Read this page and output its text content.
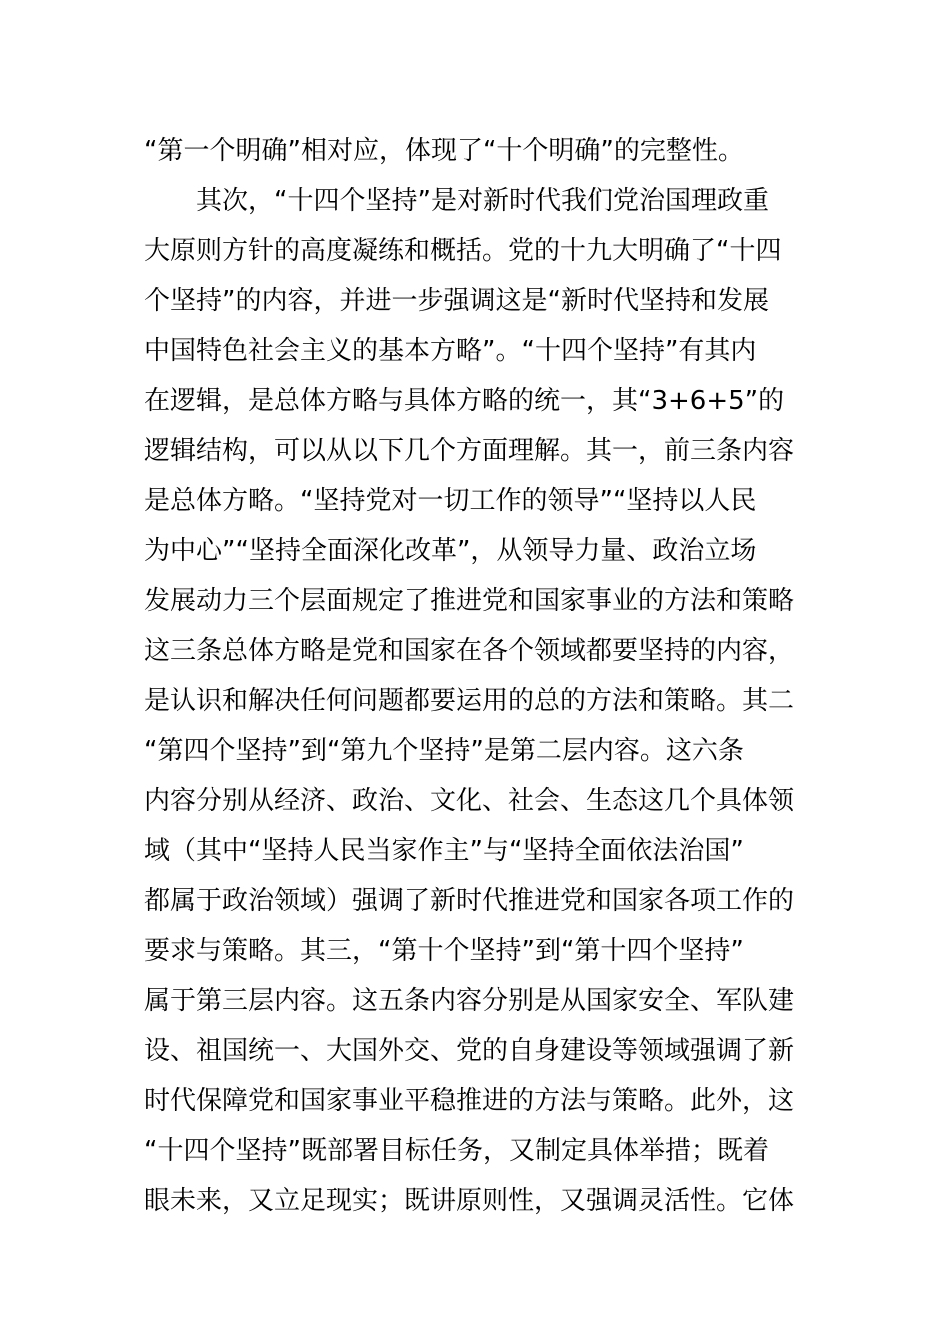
“第一个明确”相对应，体现了“十个明确”的完整性。
其次，“十四个坚持”是对新时代我们党治国理政重
大原则方针的高度凝练和概括。党的十九大明确了“十四
个坚持”的内容，并进一步强调这是“新时代坚持和发展
中国特色社会主义的基本方略”。“十四个坚持”有其内
在逻辑，是总体方略与具体方略的统一，其“3+6+5”的
逻辑结构，可以从以下几个方面理解。其一，前三条内容
是总体方略。“坚持党对一切工作的领导”“坚持以人民
为中心”“坚持全面深化改革”，从领导力量、政治立场
发展动力三个层面规定了推进党和国家事业的方法和策略
这三条总体方略是党和国家在各个领域都要坚持的内容，
是认识和解决任何问题都要运用的总的方法和策略。其二
“第四个坚持”到“第九个坚持”是第二层内容。这六条
内容分别从经济、政治、文化、社会、生态这几个具体领
域（其中“坚持人民当家作主”与“坚持全面依法治国”
都属于政治领域）强调了新时代推进党和国家各项工作的
要求与策略。其三，“第十个坚持”到“第十四个坚持”
属于第三层内容。这五条内容分别是从国家安全、军队建
设、祖国统一、大国外交、党的自身建设等领域强调了新
时代保障党和国家事业平稳推进的方法与策略。此外，这
“十四个坚持”既部署目标任务，又制定具体举措；既着
眼未来，又立足现实；既讲原则性，又强调灵活性。它体
